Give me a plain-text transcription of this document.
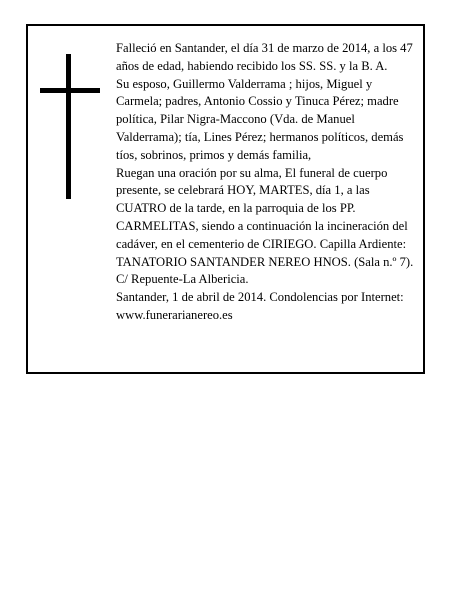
Falleció en Santander, el día 31 de marzo de 2014, a los 47 años de edad, habiendo recibido los SS. SS. y la B. A.

Su esposo, Guillermo Valderrama ; hijos, Miguel y Carmela; padres, Antonio Cossio y Tinuca Pérez; madre política, Pilar Nigra-Maccono (Vda. de Manuel Valderrama); tía, Lines Pérez; hermanos políticos, demás tíos, sobrinos, primos y demás familia,

Ruegan una oración por su alma, El funeral de cuerpo presente, se celebrará HOY, MARTES, día 1, a las CUATRO de la tarde, en la parroquia de los PP. CARMELITAS, siendo a continuación la incineración del cadáver, en el cementerio de CIRIEGO. Capilla Ardiente: TANATORIO SANTANDER NEREO HNOS. (Sala n.º 7). C/ Repuente-La Albericia.

Santander, 1 de abril de 2014. Condolencias por Internet: www.funerarianereo.es
